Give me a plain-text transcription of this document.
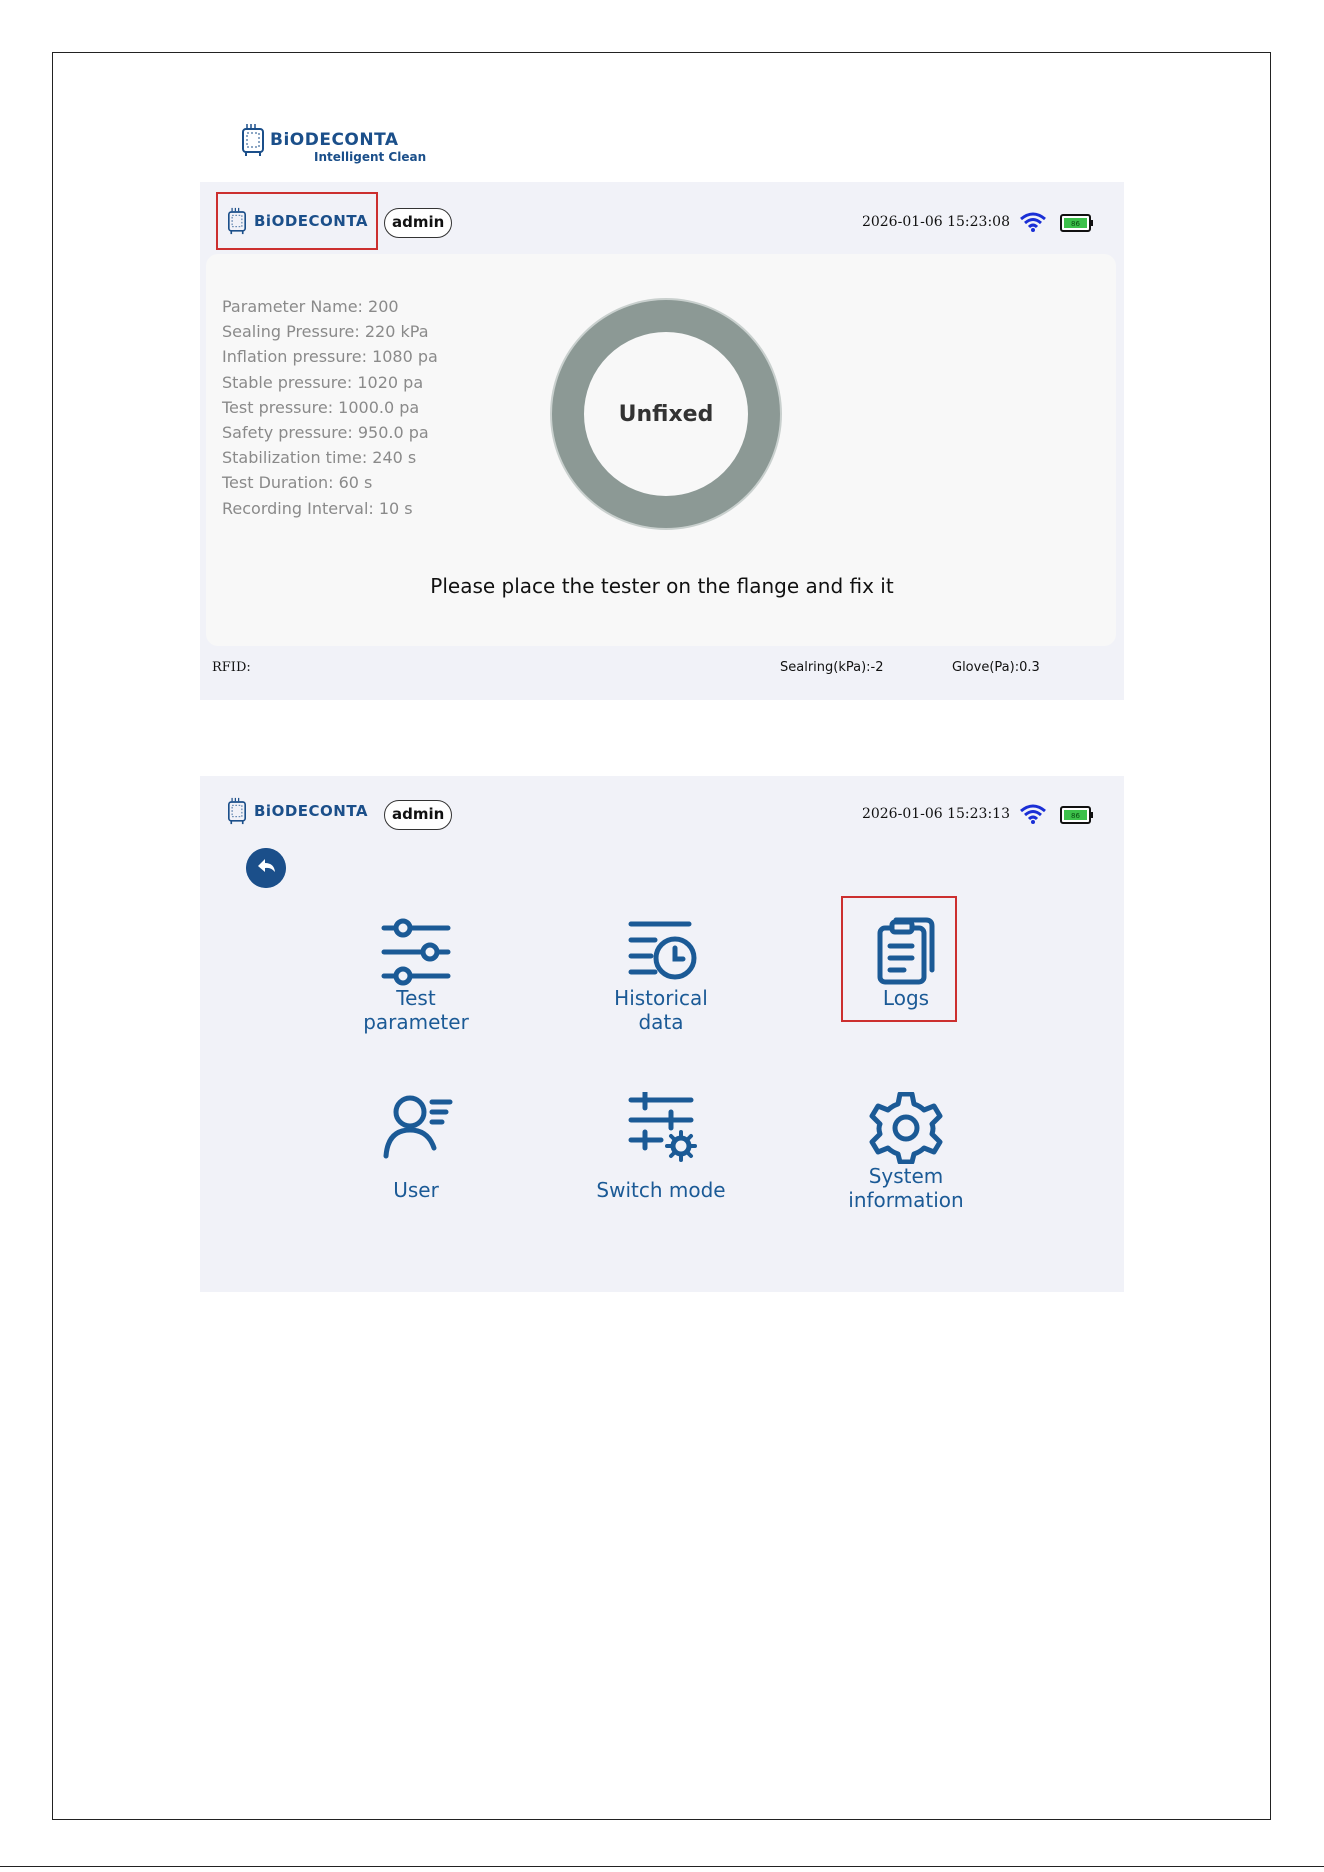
BiODECONTA
Intelligent Clean
BiODECONTA	admin	2026-01-06 15:23:08	86
Parameter Name: 200
Sealing Pressure: 220 kPa
Inflation pressure: 1080 pa
Stable pressure: 1020 pa
Test pressure: 1000.0 pa
Safety pressure: 950.0 pa
Stabilization time: 240 s
Test Duration: 60 s
Recording Interval: 10 s
Unfixed
Please place the tester on the flange and fix it
RFID:	Sealring(kPa):-2	Glove(Pa):0.3
BiODECONTA	admin	2026-01-06 15:23:13	86
Test
parameter
Historical
data
Logs
User	Switch mode
System
information
